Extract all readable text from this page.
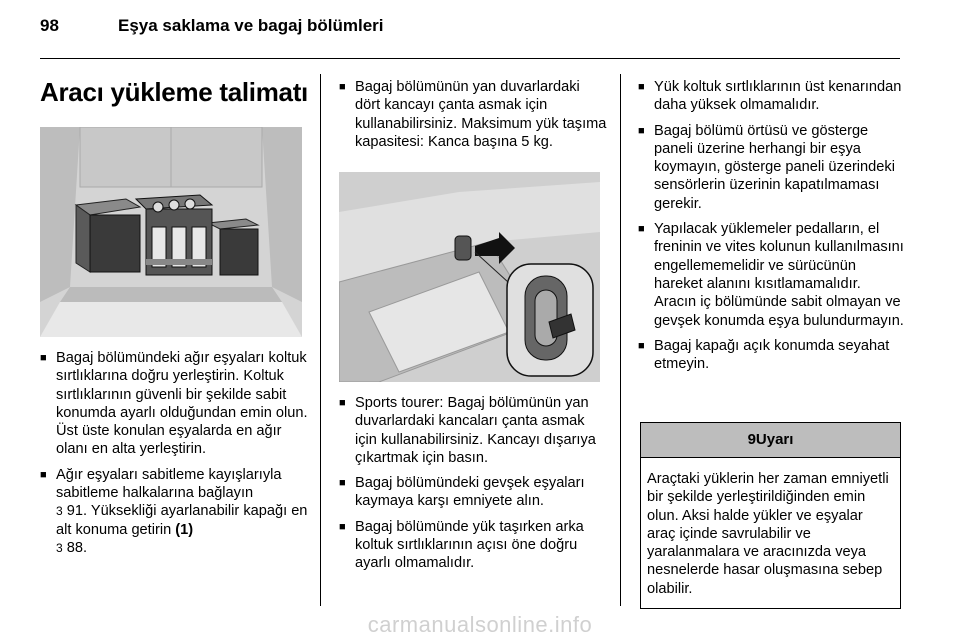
98	Eşya saklama ve bagaj bölümleri
Aracı yükleme talimatı
■ Bagaj bölümündeki ağır eşyaları koltuk sırtlıklarına doğru yerleştirin. Koltuk sırtlıklarının güvenli bir şekilde sabit konumda ayarlı olduğundan emin olun. Üst üste konulan eşyalarda en ağır olanı en alta yerleştirin.
■ Ağır eşyaları sabitleme kayışlarıyla sabitleme halkalarına bağlayın
3 91. Yüksekliği ayarlanabilir kapağı en alt konuma getirin (1)
3 88.
■ Bagaj bölümünün yan duvarlardaki dört kancayı çanta asmak için kullanabilirsiniz. Maksimum yük taşıma kapasitesi: Kanca başına 5 kg.
■ Sports tourer: Bagaj bölümünün yan duvarlardaki kancaları çanta asmak için kullanabilirsiniz. Kancayı dışarıya çıkartmak için basın.
■ Bagaj bölümündeki gevşek eşyaları kaymaya karşı emniyete alın.
■ Bagaj bölümünde yük taşırken arka koltuk sırtlıklarının açısı öne doğru ayarlı olmamalıdır.
■ Yük koltuk sırtlıklarının üst kenarından daha yüksek olmamalıdır.
■ Bagaj bölümü örtüsü ve gösterge paneli üzerine herhangi bir eşya koymayın, gösterge paneli üzerindeki sensörlerin üzerinin kapatılmaması gerekir.
■ Yapılacak yüklemeler pedalların, el freninin ve vites kolunun kullanılmasını engellememelidir ve sürücünün hareket alanını kısıtlamamalıdır. Aracın iç bölümünde sabit olmayan ve gevşek konumda eşya bulundurmayın.
■ Bagaj kapağı açık konumda seyahat etmeyin.
9Uyarı
Araçtaki yüklerin her zaman emniyetli bir şekilde yerleştirildiğinden emin olun. Aksi halde yükler ve eşyalar araç içinde savrulabilir ve yaralanmalara ve aracınızda veya nesnelerde hasar oluşmasına sebep olabilir.
carmanualsonline.info
